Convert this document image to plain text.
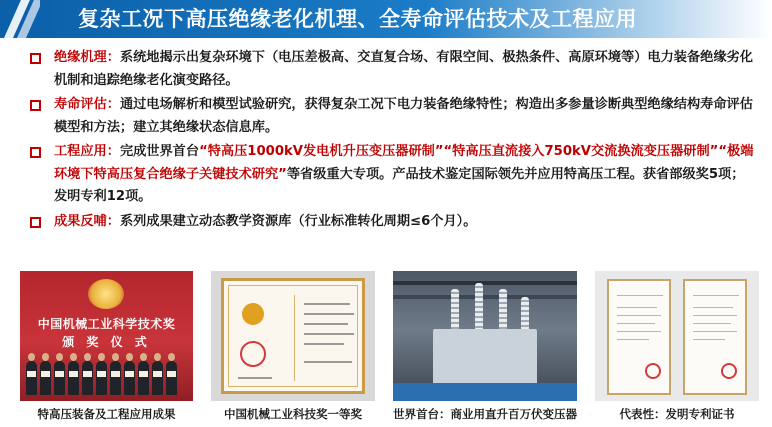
复杂工况下高压绝缘老化机理、全寿命评估技术及工程应用
绝缘机理：系统地揭示出复杂环境下（电压差极高、交直复合场、有限空间、极热条件、高原环境等）电力装备绝缘劣化机制和追踪绝缘老化演变路径。
寿命评估：通过电场解析和模型试验研究，获得复杂工况下电力装备绝缘特性；构造出多参量诊断典型绝缘结构寿命评估模型和方法；建立其绝缘状态信息库。
工程应用：完成世界首台“特高压1000kV发电机升压变压器研制”“特高压直流接入750kV交流换流变压器研制”“极端环境下特高压复合绝缘子关键技术研究”等省级重大专项。产品技术鉴定国际领先并应用特高压工程。获省部级奖5项；发明专利12项。
成果反哺：系列成果建立动态教学资源库（行业标准转化周期≤6个月）。
中国机械工业科学技术奖
颁 奖 仪 式
特高压装备及工程应用成果	中国机械工业科技奖一等奖	世界首台：商业用直升百万伏变压器	代表性：发明专利证书
